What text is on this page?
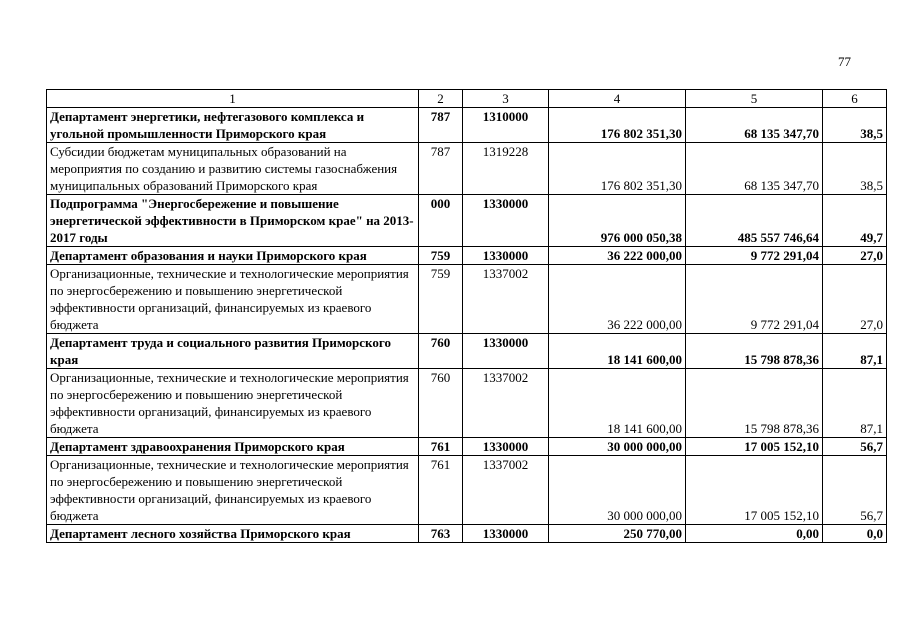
77
1	2	3	4	5	6
Департамент энергетики, нефтегазового комплекса и угольной промышленности Приморского края	787	1310000	176 802 351,30	68 135 347,70	38,5
Субсидии бюджетам муниципальных образований на мероприятия по созданию и развитию системы газоснабжения муниципальных образований Приморского края	787	1319228	176 802 351,30	68 135 347,70	38,5
Подпрограмма "Энергосбережение и повышение энергетической эффективности в Приморском крае" на 2013-2017 годы	000	1330000	976 000 050,38	485 557 746,64	49,7
Департамент образования и науки Приморского края	759	1330000	36 222 000,00	9 772 291,04	27,0
Организационные, технические и технологические мероприятия по энергосбережению и повышению энергетической эффективности организаций, финансируемых из краевого бюджета	759	1337002	36 222 000,00	9 772 291,04	27,0
Департамент труда и социального развития Приморского края	760	1330000	18 141 600,00	15 798 878,36	87,1
Организационные, технические и технологические мероприятия по энергосбережению и повышению энергетической эффективности организаций, финансируемых из краевого бюджета	760	1337002	18 141 600,00	15 798 878,36	87,1
Департамент здравоохранения Приморского края	761	1330000	30 000 000,00	17 005 152,10	56,7
Организационные, технические и технологические мероприятия по энергосбережению и повышению энергетической эффективности организаций, финансируемых из краевого бюджета	761	1337002	30 000 000,00	17 005 152,10	56,7
Департамент лесного хозяйства Приморского края	763	1330000	250 770,00	0,00	0,0
